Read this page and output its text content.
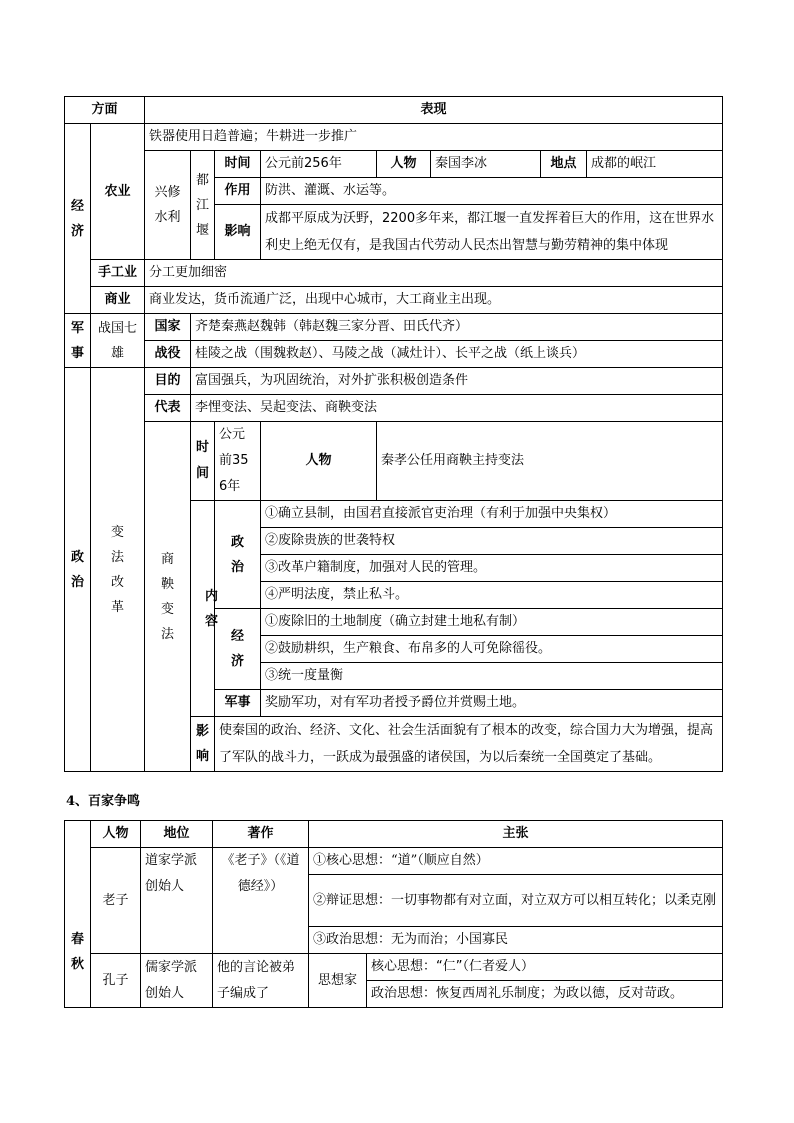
方面		表现							
经济	农业	铁器使用日趋普遍；牛耕进一步推广							
		兴修水利	都江堰	时间	公元前256年	人物	秦国李冰	地点	成都的岷江
				作用	防洪、灌溉、水运等。				
				影响	成都平原成为沃野，2200多年来，都江堰一直发挥着巨大的作用，这在世界水利史上绝无仅有，是我国古代劳动人民杰出智慧与勤劳精神的集中体现				

	手工业	分工更加细密							
	商业	商业发达，货币流通广泛，出现中心城市，大工商业主出现。							
军事	战国七雄	国家	齐楚秦燕赵魏韩（韩赵魏三家分晋、田氏代齐）						
		战役	桂陵之战（围魏救赵）、马陵之战（减灶计）、长平之战（纸上谈兵）						
政治	变法改革	目的	富国强兵，为巩固统治，对外扩张积极创造条件						
		代表	李悝变法、吴起变法、商鞅变法						
		商鞅变法	时间	公元前356年	人物	秦孝公任用商鞅主持变法			
			内容	政治	①确立县制，由国君直接派官吏治理（有利于加强中央集权）				
					②废除贵族的世袭特权				
					③改革户籍制度，加强对人民的管理。				
					④严明法度，禁止私斗。				
				经济	①废除旧的土地制度（确立封建土地私有制）				
					②鼓励耕织，生产粮食、布帛多的人可免除徭役。				
					③统一度量衡				
				军事	奖励军功，对有军功者授予爵位并赏赐土地。				
			影响	使秦国的政治、经济、文化、社会生活面貌有了根本的改变，综合国力大为增强，提高了军队的战斗力，一跃成为最强盛的诸侯国，为以后秦统一全国奠定了基础。					
4、百家争鸣
春秋	人物	地位	著作	主张	
	老子	道家学派创始人	《老子》（《道德经》）	①核心思想：“道”（顺应自然）	
				②辩证思想：一切事物都有对立面，对立双方可以相互转化；以柔克刚	
				③政治思想：无为而治；小国寡民	
	孔子	儒家学派创始人	他的言论被弟子编成了	思想家	核心思想：“仁”（仁者爱人）
					政治思想：恢复西周礼乐制度；为政以德，反对苛政。
